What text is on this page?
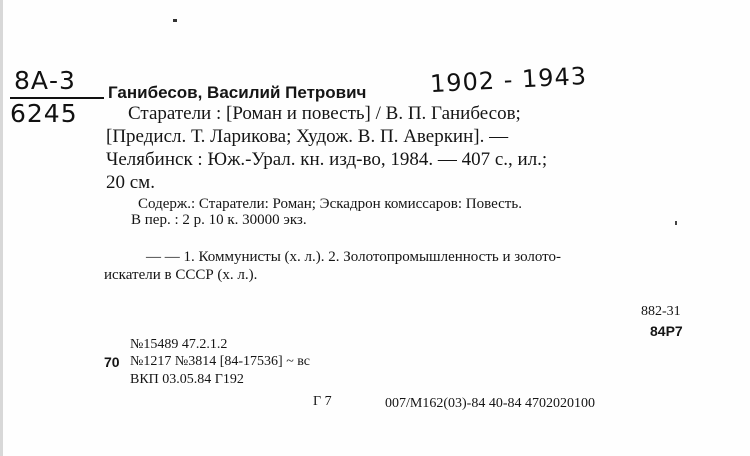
8А-3
6245
Ганибесов, Василий Петрович	1902 - 1943
Старатели : [Роман и повесть] / В. П. Ганибесов;
[Предисл. Т. Ларикова; Худож. В. П. Аверкин]. —
Челябинск : Юж.-Урал. кн. изд-во, 1984. — 407 с., ил.;
20 см.
Содерж.: Старатели: Роман; Эскадрон комиссаров: Повесть.
В пер. : 2 р. 10 к. 30000 экз.
— — 1. Коммунисты (х. л.). 2. Золотопромышленность и золото-
искатели в СССР (х. л.).
882-31
84Р7
№15489 47.2.1.2
70 №1217 №3814 [84-17536] ~ вс
ВКП 03.05.84 Г192
Г 7	007/М162(03)-84 40-84 4702020100
